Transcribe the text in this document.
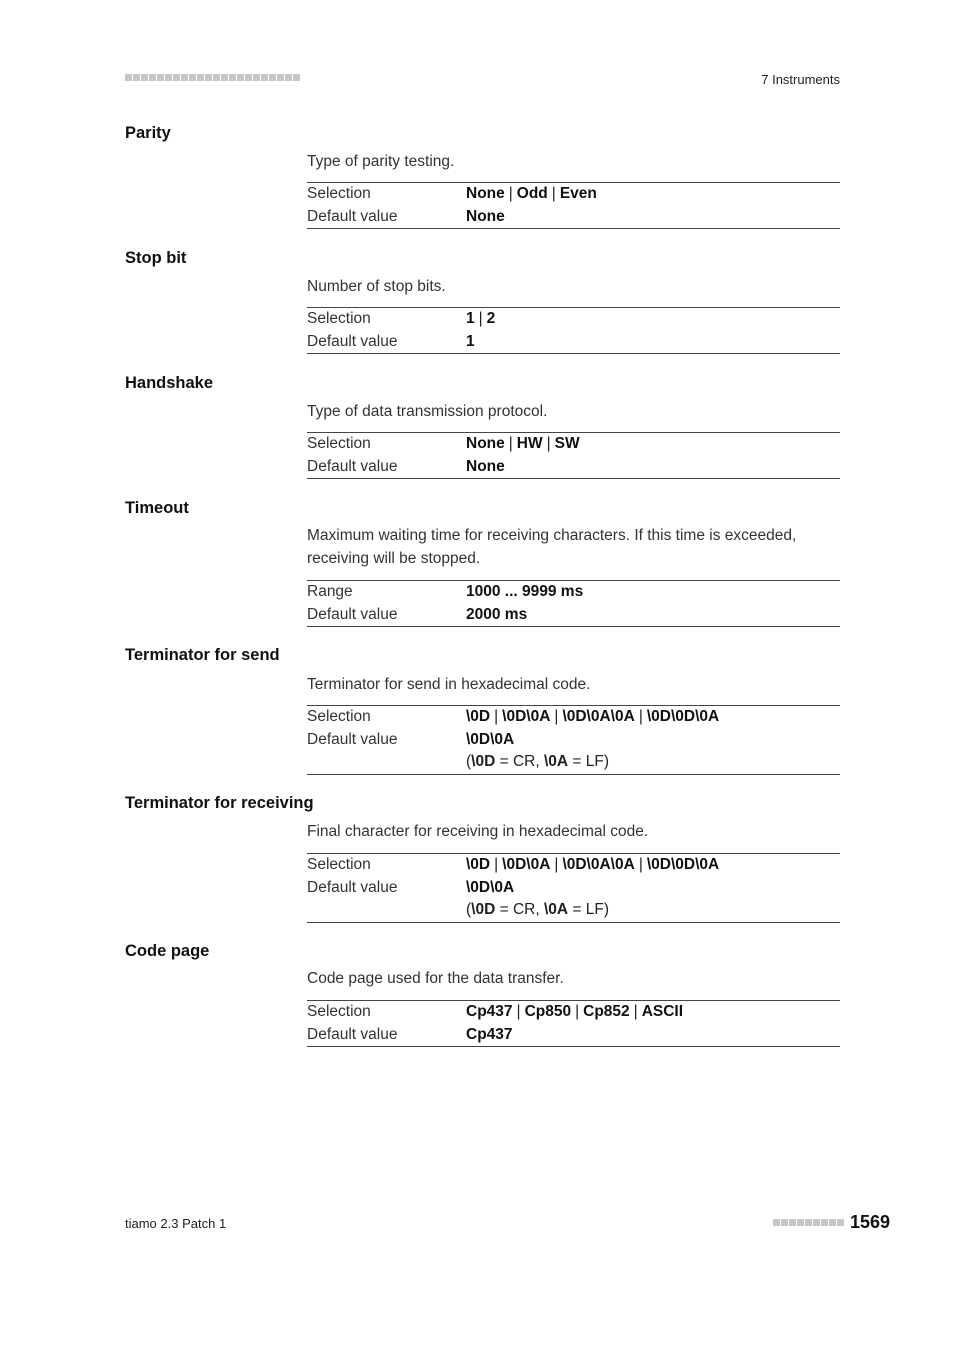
7 Instruments
Parity
Type of parity testing.
Selection	None | Odd | Even
Default value	None
Stop bit
Number of stop bits.
Selection	1 | 2
Default value	1
Handshake
Type of data transmission protocol.
Selection	None | HW | SW
Default value	None
Timeout
Maximum waiting time for receiving characters. If this time is exceeded, receiving will be stopped.
Range	1000 ... 9999 ms
Default value	2000 ms
Terminator for send
Terminator for send in hexadecimal code.
Selection	\0D | \0D\0A | \0D\0A\0A | \0D\0D\0A
Default value	\0D\0A
(\0D = CR, \0A = LF)
Terminator for receiving
Final character for receiving in hexadecimal code.
Selection	\0D | \0D\0A | \0D\0A\0A | \0D\0D\0A
Default value	\0D\0A
(\0D = CR, \0A = LF)
Code page
Code page used for the data transfer.
Selection	Cp437 | Cp850 | Cp852 | ASCII
Default value	Cp437
tiamo 2.3 Patch 1	1569
